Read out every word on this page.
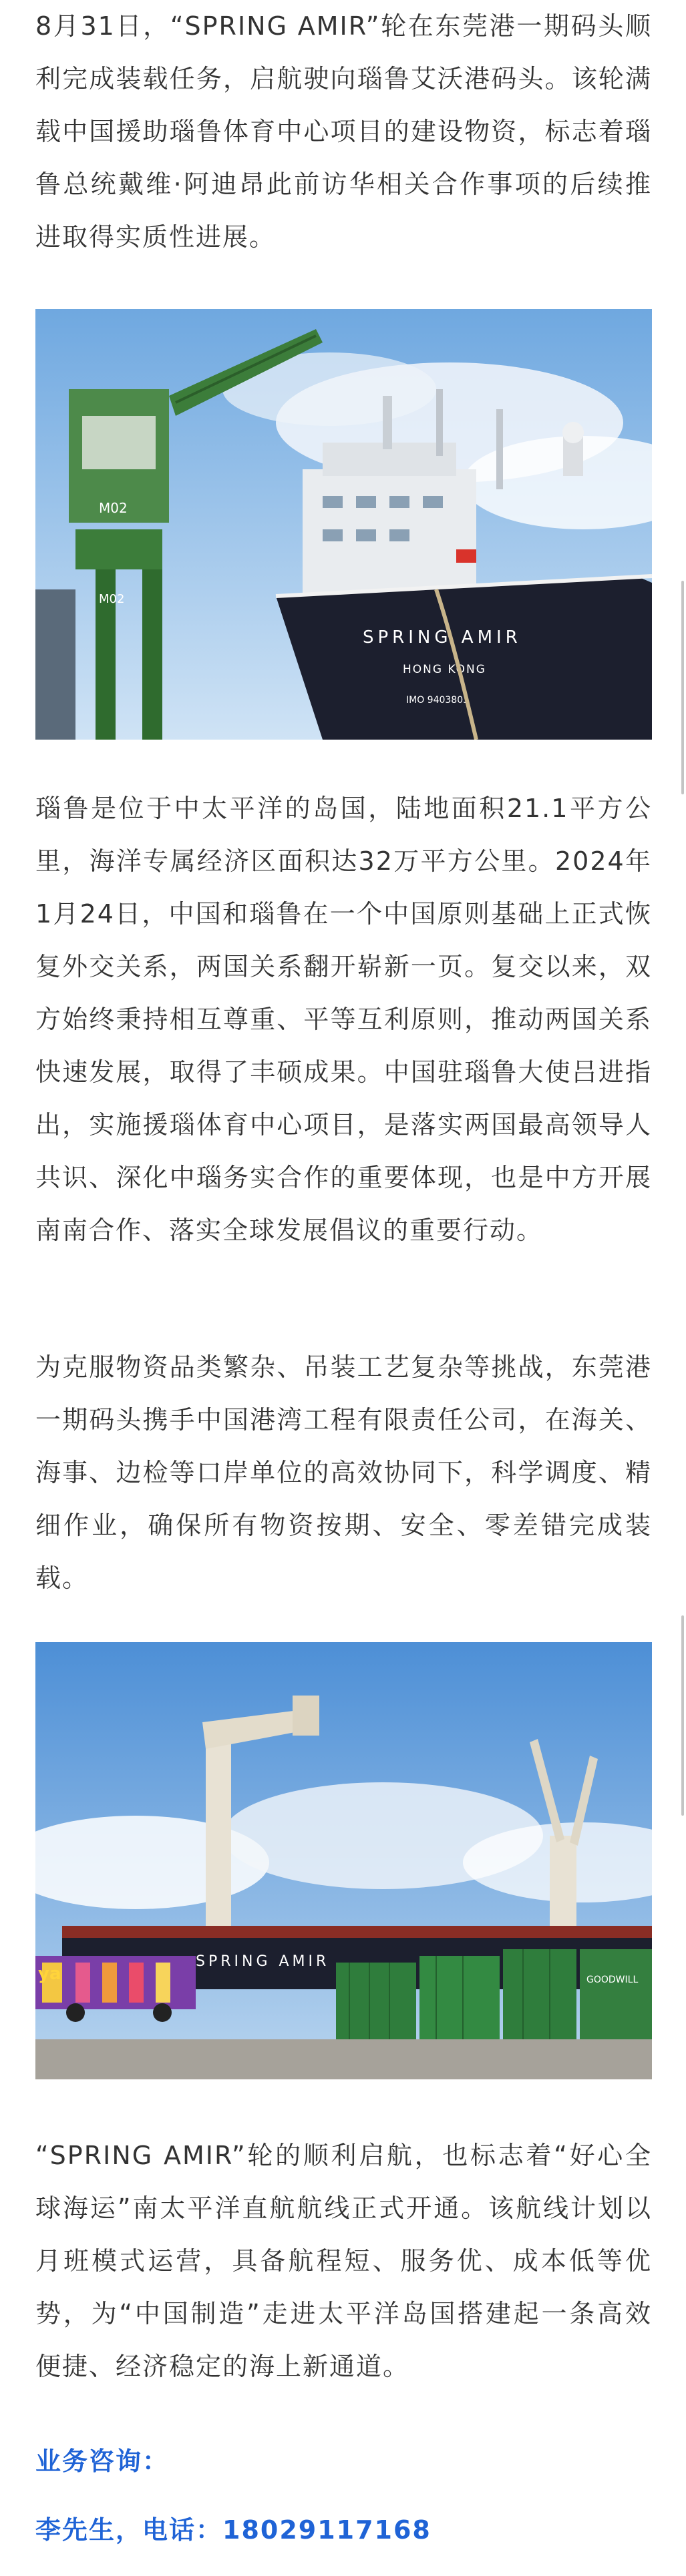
8月31日，“SPRING AMIR”轮在东莞港一期码头顺利完成装载任务，启航驶向瑙鲁艾沃港码头。该轮满载中国援助瑙鲁体育中心项目的建设物资，标志着瑙鲁总统戴维·阿迪昂此前访华相关合作事项的后续推进取得实质性进展。

M02
M02
SPRING AMIR
HONG KONG
IMO 9403803

瑙鲁是位于中太平洋的岛国，陆地面积21.1平方公里，海洋专属经济区面积达32万平方公里。2024年1月24日，中国和瑙鲁在一个中国原则基础上正式恢复外交关系，两国关系翻开崭新一页。复交以来，双方始终秉持相互尊重、平等互利原则，推动两国关系快速发展，取得了丰硕成果。中国驻瑙鲁大使吕进指出，实施援瑙体育中心项目，是落实两国最高领导人共识、深化中瑙务实合作的重要体现，也是中方开展南南合作、落实全球发展倡议的重要行动。

为克服物资品类繁杂、吊装工艺复杂等挑战，东莞港一期码头携手中国港湾工程有限责任公司，在海关、海事、边检等口岸单位的高效协同下，科学调度、精细作业，确保所有物资按期、安全、零差错完成装载。

SPRING AMIR
ya	GOODWILL

“SPRING AMIR”轮的顺利启航，也标志着“好心全球海运”南太平洋直航航线正式开通。该航线计划以月班模式运营，具备航程短、服务优、成本低等优势，为“中国制造”走进太平洋岛国搭建起一条高效便捷、经济稳定的海上新通道。

业务咨询：

李先生，电话：18029117168
